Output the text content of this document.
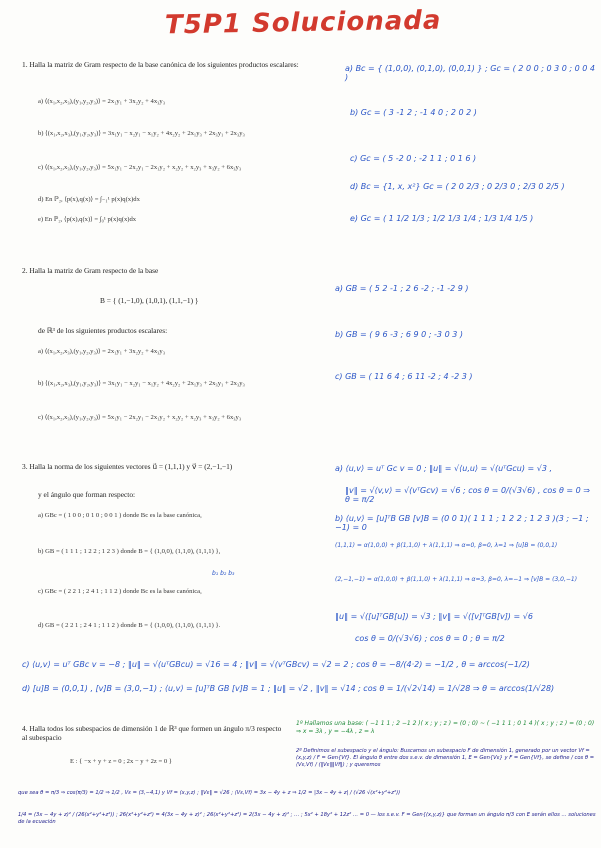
T5P1 Solucionada
1. Halla la matriz de Gram respecto de la base canónica de los siguientes productos escalares:
a) ⟨(x₁,x₂,x₃),(y₁,y₂,y₃)⟩ = 2x₁y₁ + 3x₂y₂ + 4x₃y₃
b) ⟨(x₁,x₂,x₃),(y₁,y₂,y₃)⟩ = 3x₁y₁ − x₂y₁ − x₁y₂ + 4x₂y₂ + 2x₁y₃ + 2x₃y₁ + 2x₃y₃
c) ⟨(x₁,x₂,x₃),(y₁,y₂,y₃)⟩ = 5x₁y₁ − 2x₂y₁ − 2x₁y₂ + x₂y₂ + x₂y₃ + x₃y₂ + 6x₃y₃
d) En ℙ₂, ⟨p(x),q(x)⟩ = ∫₋₁¹ p(x)q(x)dx
e) En ℙ₂, ⟨p(x),q(x)⟩ = ∫₀¹ p(x)q(x)dx
a) Bc = { (1,0,0), (0,1,0), (0,0,1) } ; Gc = ( 2 0 0 ; 0 3 0 ; 0 0 4 )
b) Gc = ( 3 -1 2 ; -1 4 0 ; 2 0 2 )
c) Gc = ( 5 -2 0 ; -2 1 1 ; 0 1 6 )
d) Bc = {1, x, x²} Gc = ( 2 0 2/3 ; 0 2/3 0 ; 2/3 0 2/5 )
e) Gc = ( 1 1/2 1/3 ; 1/2 1/3 1/4 ; 1/3 1/4 1/5 )
2. Halla la matriz de Gram respecto de la base
B = { (1,−1,0), (1,0,1), (1,1,−1) }
de ℝ³ de los siguientes productos escalares:
a) ⟨(x₁,x₂,x₃),(y₁,y₂,y₃)⟩ = 2x₁y₁ + 3x₂y₂ + 4x₃y₃
b) ⟨(x₁,x₂,x₃),(y₁,y₂,y₃)⟩ = 3x₁y₁ − x₂y₁ − x₁y₂ + 4x₂y₂ + 2x₁y₃ + 2x₃y₁ + 2x₃y₃
c) ⟨(x₁,x₂,x₃),(y₁,y₂,y₃)⟩ = 5x₁y₁ − 2x₂y₁ − 2x₁y₂ + x₂y₂ + x₂y₃ + x₃y₂ + 6x₃y₃
a) GB = ( 5 2 -1 ; 2 6 -2 ; -1 -2 9 )
b) GB = ( 9 6 -3 ; 6 9 0 ; -3 0 3 )
c) GB = ( 11 6 4 ; 6 11 -2 ; 4 -2 3 )
3. Halla la norma de los siguientes vectores u⃗ = (1,1,1) y v⃗ = (2,−1,−1)
y el ángulo que forman respecto:
a) GBc = ( 1 0 0 ; 0 1 0 ; 0 0 1 ) donde Bc es la base canónica,
b) GB = ( 1 1 1 ; 1 2 2 ; 1 2 3 ) donde B = { (1,0,0), (1,1,0), (1,1,1) },
b₁ b₂ b₃
c) GBc = ( 2 2 1 ; 2 4 1 ; 1 1 2 ) donde Bc es la base canónica,
d) GB = ( 2 2 1 ; 2 4 1 ; 1 1 2 ) donde B = { (1,0,0), (1,1,0), (1,1,1) }.
a) ⟨u,v⟩ = uᵀ Gc v = 0 ; ‖u‖ = √⟨u,u⟩ = √(uᵀGcu) = √3 ,
‖v‖ = √⟨v,v⟩ = √(vᵀGcv) = √6 ; cos θ = 0/(√3√6) , cos θ = 0 ⇒ θ = π/2
b) ⟨u,v⟩ = [u]ᵀB GB [v]B = (0 0 1)( 1 1 1 ; 1 2 2 ; 1 2 3 )(3 ; −1 ; −1) = 0
(1,1,1) = α(1,0,0) + β(1,1,0) + λ(1,1,1) ⇒ α=0, β=0, λ=1 ⇒ [u]B = (0,0,1)
(2,−1,−1) = α(1,0,0) + β(1,1,0) + λ(1,1,1) ⇒ α=3, β=0, λ=−1 ⇒ [v]B = (3,0,−1)
‖u‖ = √([u]ᵀGB[u]) = √3 ; ‖v‖ = √([v]ᵀGB[v]) = √6
cos θ = 0/(√3√6) ; cos θ = 0 ; θ = π/2
c) ⟨u,v⟩ = uᵀ GBc v = −8 ; ‖u‖ = √(uᵀGBcu) = √16 = 4 ; ‖v‖ = √(vᵀGBcv) = √2 = 2 ; cos θ = −8/(4·2) = −1/2 , θ = arccos(−1/2)
d) [u]B = (0,0,1) , [v]B = (3,0,−1) ; ⟨u,v⟩ = [u]ᵀB GB [v]B = 1 ; ‖u‖ = √2 , ‖v‖ = √14 ; cos θ = 1/(√2√14) = 1/√28 ⇒ θ = arccos(1/√28)
4. Halla todos los subespacios de dimensión 1 de ℝ³ que formen un ángulo π/3 respecto al subespacio
E : { −x + y + z = 0 ; 2x − y + 2z = 0 }
1º Hallamos una base: ( −1 1 1 ; 2 −1 2 )( x ; y ; z ) = (0 ; 0) ~ ( −1 1 1 ; 0 1 4 )( x ; y ; z ) = (0 ; 0) ⇒ x = 3λ , y = −4λ , z = λ
2º Definimos el subespacio y el ángulo: Buscamos un subespacio F de dimensión 1, generado por un vector Vf = (x,y,z) / F = Gen{Vf}. El ángulo θ entre dos s.e.v. de dimensión 1, E = Gen{Vε} y F = Gen{Vf}, se define / cos θ = ⟨Vε,Vf⟩ / (‖Vε‖‖Vf‖) ; y queremos
que sea θ = π/3 ⇒ cos(π/3) = 1/2 ⇒ 1/2 , Vε = (3,−4,1) y Vf = (x,y,z) ; ‖Vε‖ = √26 ; ⟨Vε,Vf⟩ = 3x − 4y + z ⇒ 1/2 = |3x − 4y + z| / (√26 √(x²+y²+z²))
1/4 = (3x − 4y + z)² / (26(x²+y²+z²)) ; 26(x²+y²+z²) = 4(3x − 4y + z)² ; 26(x²+y²+z²) = 2(3x − 4y + z)² ; … ; 5x² + 18y² + 12z² … = 0 — los s.e.v. F = Gen{(x,y,z)} que forman un ángulo π/3 con E serán ellos … soluciones de la ecuación
